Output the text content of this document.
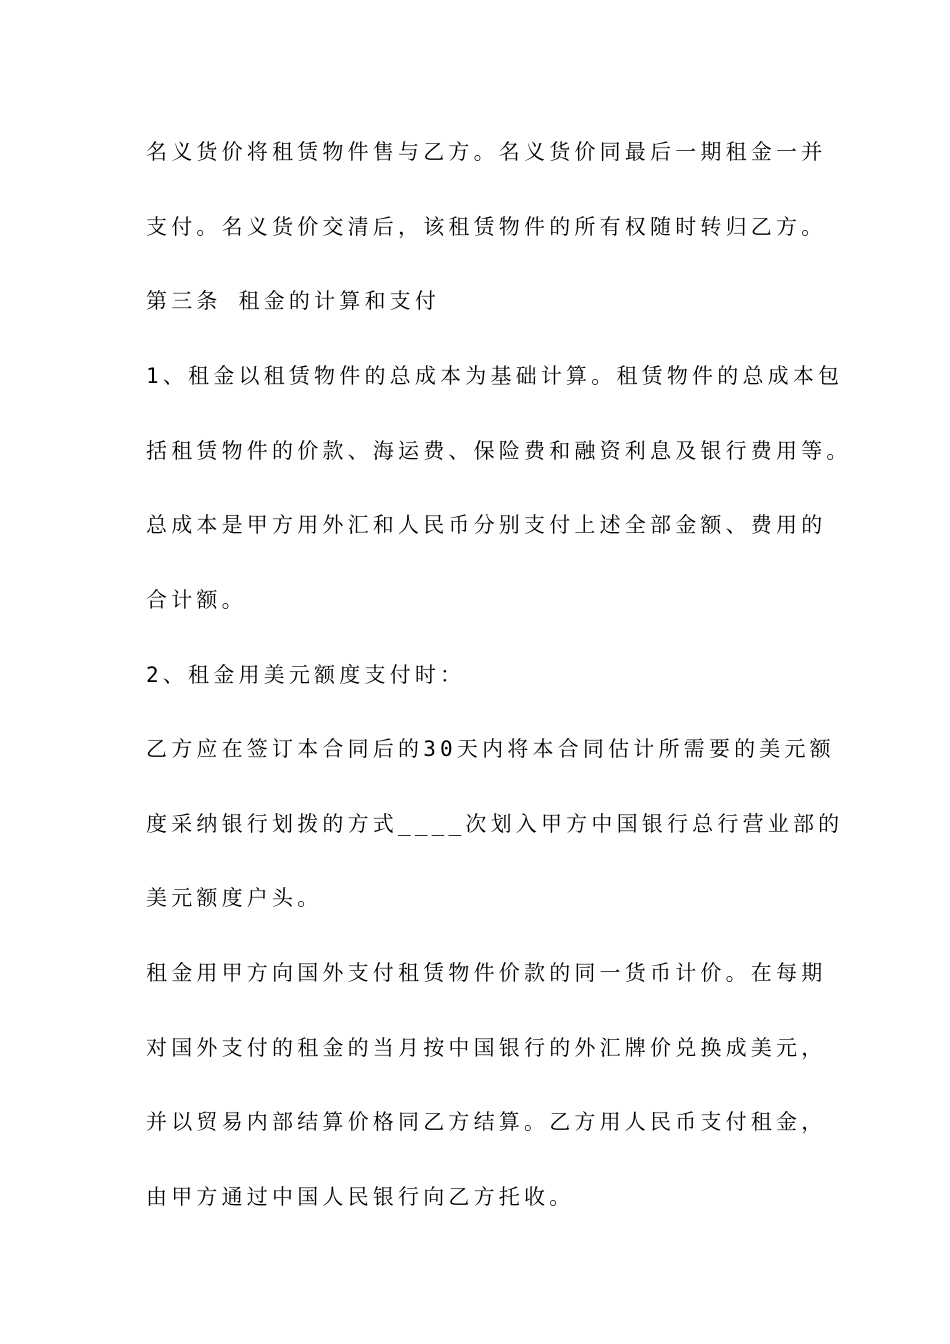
名义货价将租赁物件售与乙方。名义货价同最后一期租金一并
支付。名义货价交清后，该租赁物件的所有权随时转归乙方。
第三条 租金的计算和支付
1、租金以租赁物件的总成本为基础计算。租赁物件的总成本包
括租赁物件的价款、海运费、保险费和融资利息及银行费用等。
总成本是甲方用外汇和人民币分别支付上述全部金额、费用的
合计额。
2、租金用美元额度支付时：
乙方应在签订本合同后的30天内将本合同估计所需要的美元额
度采纳银行划拨的方式____次划入甲方中国银行总行营业部的
美元额度户头。
租金用甲方向国外支付租赁物件价款的同一货币计价。在每期
对国外支付的租金的当月按中国银行的外汇牌价兑换成美元，
并以贸易内部结算价格同乙方结算。乙方用人民币支付租金，
由甲方通过中国人民银行向乙方托收。
